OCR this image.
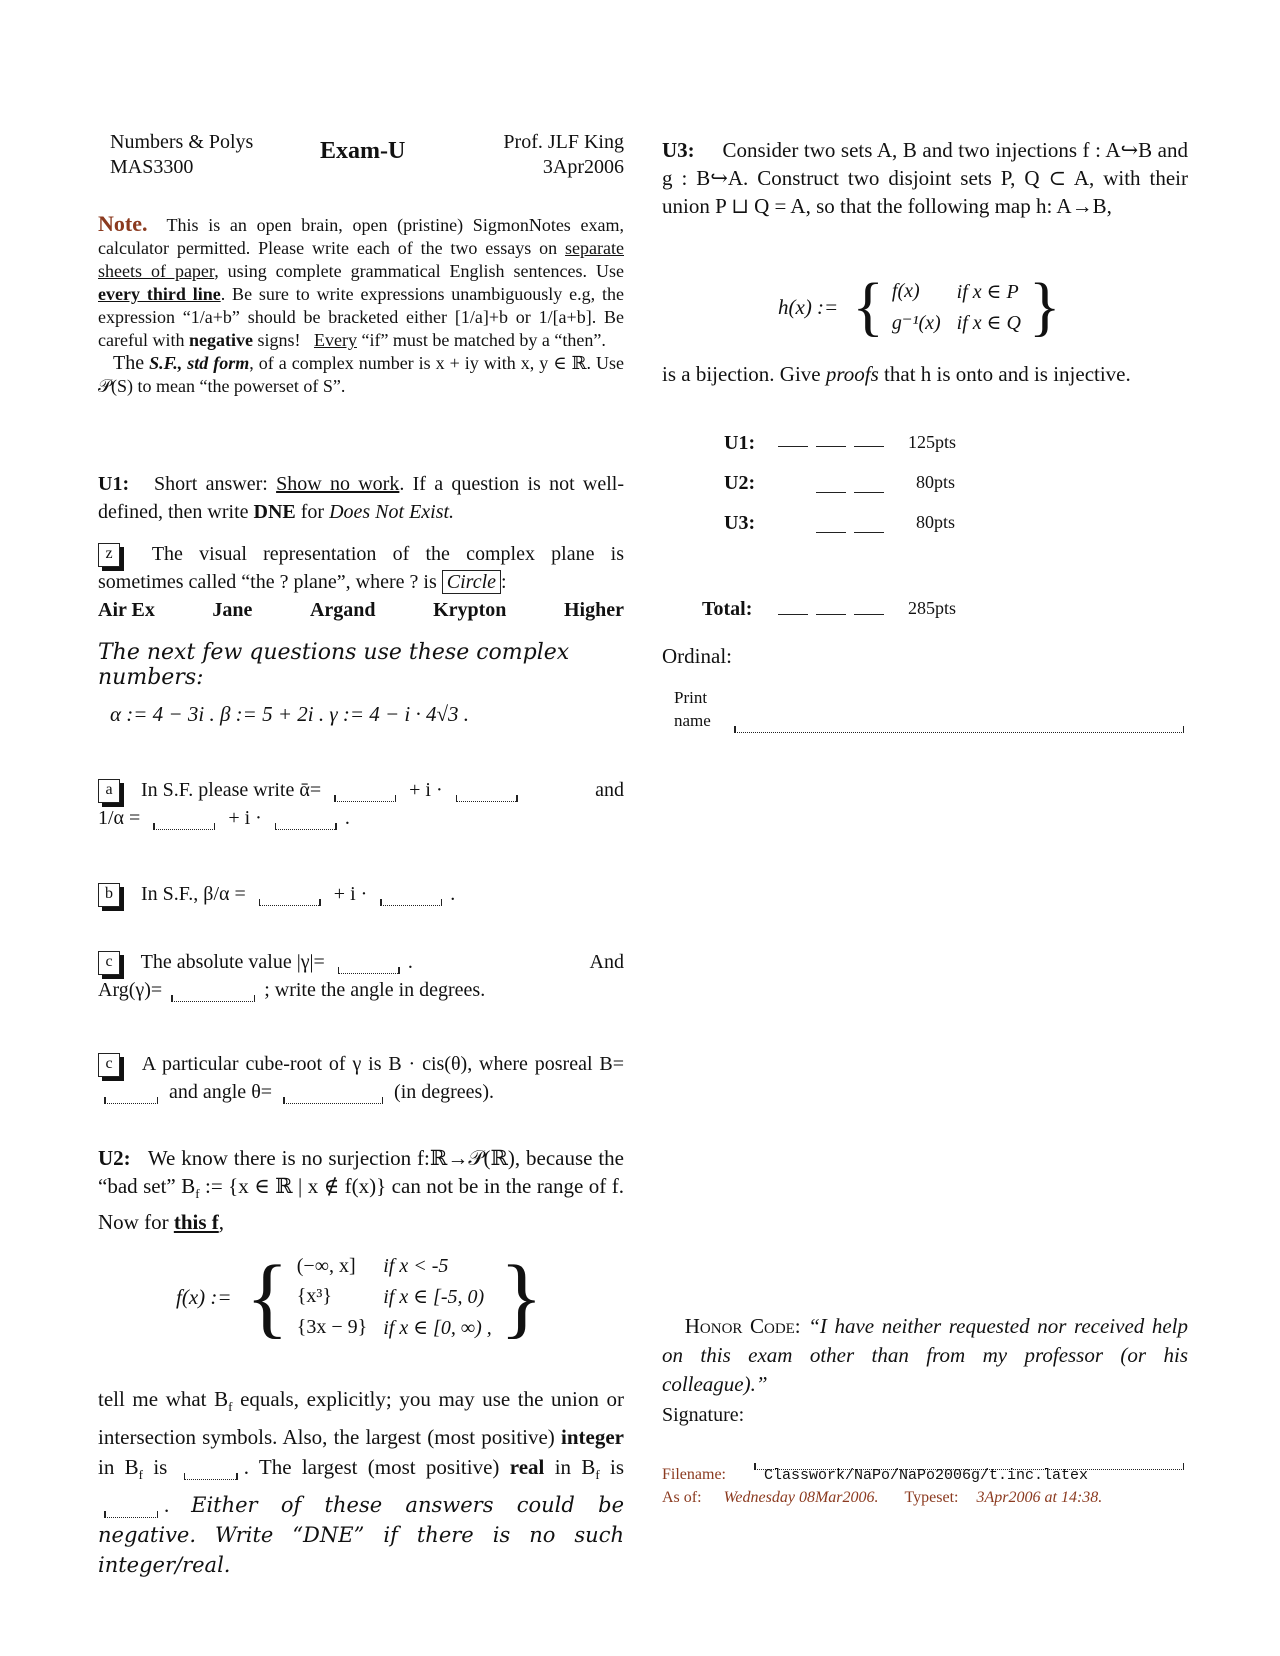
Numbers & Polys
MAS3300
Exam-U	Prof. JLF King
3Apr2006
Note. This is an open brain, open (pristine) SigmonNotes exam, calculator permitted. Please write each of the two essays on separate sheets of paper, using complete grammatical English sentences. Use every third line. Be sure to write expressions unambiguously e.g, the expression “1/a+b” should be bracketed either [1/a]+b or 1/[a+b]. Be careful with negative signs! Every “if” must be matched by a “then”.
The S.F., std form, of a complex number is x + iy with x, y ∈ ℝ. Use 𝒫(S) to mean “the powerset of S”.
U1: Short answer: Show no work. If a question is not well-defined, then write DNE for Does Not Exist.
z The visual representation of the complex plane is sometimes called “the ? plane”, where ? is Circle :
Air Ex	Jane	Argand	Krypton	Higher
The next few questions use these complex numbers:
α := 4 − 3i . β := 5 + 2i . γ := 4 − i · 4√3 .
a In S.F. please write ᾱ=	+ i ·	and

1/α =	+ i ·	.
b In S.F., β/α =	+ i ·	.
c The absolute value |γ|=	.	And

Arg(γ)=	; write the angle in degrees.
c A particular cube-root of γ is B · cis(θ), where posreal B=  and angle θ=	(in degrees).
U2: We know there is no surjection f:ℝ→𝒫(ℝ), because the “bad set” $B_f$ := {x ∈ ℝ | x ∉ f(x)} can not be in the range of f. Now for this f,
f(x) := { (−∞, x]	if x < -5
{x³}	if x ∈ [-5, 0)
{3x − 9}	if x ∈ [0, ∞) , }
tell me what $B_f$ equals, explicitly; you may use the union or intersection symbols. Also, the largest (most positive) integer in $B_f$ is	. The largest (most positive) real in $B_f$ is . Either of these answers could be negative. Write “DNE” if there is no such integer/real.
U3: Consider two sets A, B and two injections f : A↪B and g : B↪A. Construct two disjoint sets P, Q ⊂ A, with their union P ⊔ Q = A, so that the following map h: A→B,
h(x) := { f(x)	if x ∈ P
g⁻¹(x)	if x ∈ Q }
is a bijection. Give proofs that h is onto and is injective.
U1:	125pts
U2:	80pts
U3:	80pts
Total:	285pts
Ordinal:
Print
name

Honor Code: “I have neither requested nor received help on this exam other than from my professor (or his colleague).”
Signature:
Filename:	Classwork/NaPo/NaPo2006g/t.inc.latex
As of: Wednesday 08Mar2006. Typeset: 3Apr2006 at 14:38.
